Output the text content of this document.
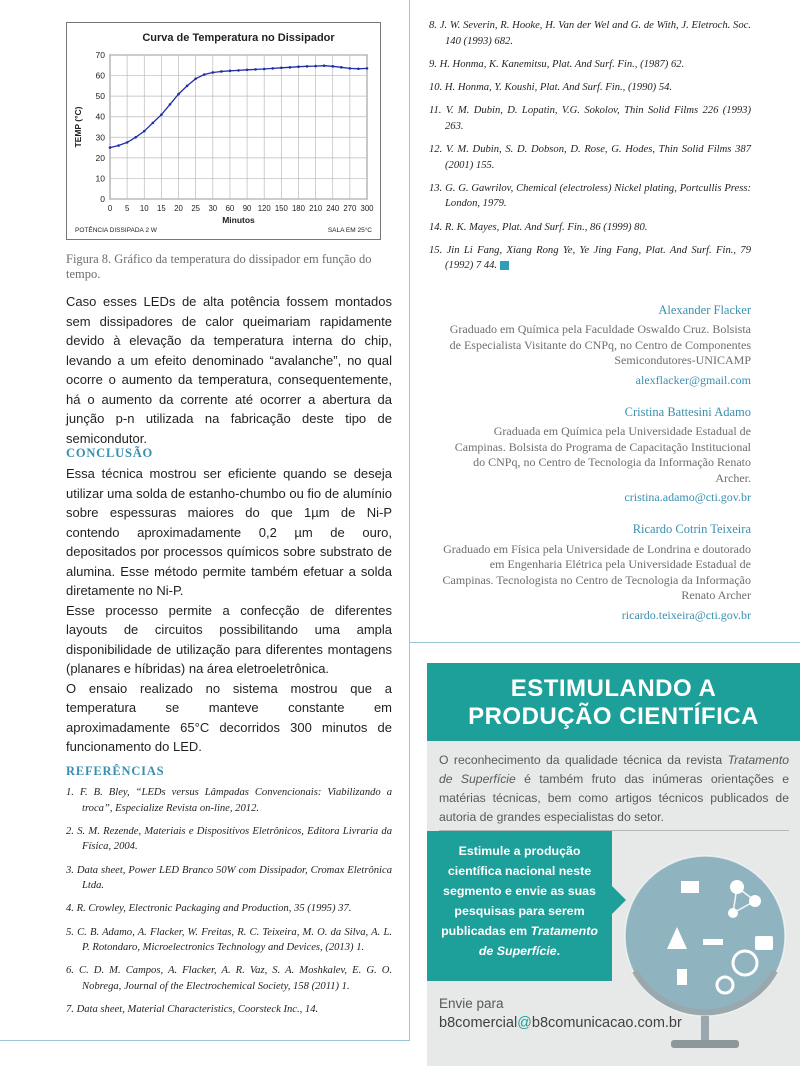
0
10
20
30
40
50
60
70
0 5 10 15 20 25 30 60 90 120 150 180 210 240 270 300
Curva de Temperatura no Dissipador
Minutos
TEMP (°C)
POTÊNCIA DISSIPADA 2 W	SALA EM 25°C
Figura 8. Gráfico da temperatura do dissipador em função do tempo.

Caso esses LEDs de alta potência fossem montados sem dissipadores de calor queimariam rapidamente devido à elevação da temperatura interna do chip, levando a um efeito denominado “avalanche”, no qual ocorre o aumento da temperatura, consequentemente, há o aumento da corrente até ocorrer a abertura da junção p-n utilizada na fabricação deste tipo de semicondutor.

CONCLUSÃO

Essa técnica mostrou ser eficiente quando se deseja utilizar uma solda de estanho-chumbo ou fio de alumínio sobre espessuras maiores do que 1µm de Ni-P contendo aproximadamente 0,2 µm de ouro, depositados por processos químicos sobre substrato de alumina. Esse método permite também efetuar a solda diretamente no Ni-P.

Esse processo permite a confecção de diferentes layouts de circuitos possibilitando uma ampla disponibilidade de utilização para diferentes montagens (planares e híbridas) na área eletroeletrônica.

O ensaio realizado no sistema mostrou que a temperatura se manteve constante em aproximadamente 65°C decorridos 300 minutos de funcionamento do LED.

REFERÊNCIAS
1. F. B. Bley, “LEDs versus Lâmpadas Convencionais: Viabilizando a troca”, Especialize Revista on-line, 2012.
2. S. M. Rezende, Materiais e Dispositivos Eletrônicos, Editora Livraria da Física, 2004.
3. Data sheet, Power LED Branco 50W com Dissipador, Cromax Eletrônica Ltda.
4. R. Crowley, Electronic Packaging and Production, 35 (1995) 37.
5. C. B. Adamo, A. Flacker, W. Freitas, R. C. Teixeira, M. O. da Silva, A. L. P. Rotondaro, Microelectronics Technology and Devices, (2013) 1.
6. C. D. M. Campos, A. Flacker, A. R. Vaz, S. A. Moshkalev, E. G. O. Nobrega, Journal of the Electrochemical Society, 158 (2011) 1.
7. Data sheet, Material Characteristics, Coorsteck Inc., 14.
8. J. W. Severin, R. Hooke, H. Van der Wel and G. de With, J. Eletroch. Soc. 140 (1993) 682.
9. H. Honma, K. Kanemitsu, Plat. And Surf. Fin., (1987) 62.
10. H. Honma, Y. Koushi, Plat. And Surf. Fin., (1990) 54.
11. V. M. Dubin, D. Lopatin, V.G. Sokolov, Thin Solid Films 226 (1993) 263.
12. V. M. Dubin, S. D. Dobson, D. Rose, G. Hodes, Thin Solid Films 387 (2001) 155.
13. G. G. Gawrilov, Chemical (electroless) Nickel plating, Portcullis Press: London, 1979.
14. R. K. Mayes, Plat. And Surf. Fin., 86 (1999) 80.
15. Jin Li Fang, Xiang Rong Ye, Ye Jing Fang, Plat. And Surf. Fin., 79 (1992) 7 44.
Alexander Flacker
Graduado em Química pela Faculdade Oswaldo Cruz. Bolsista de Especialista Visitante do CNPq, no Centro de Componentes Semicondutores-UNICAMP
alexflacker@gmail.com
Cristina Battesini Adamo
Graduada em Química pela Universidade Estadual de Campinas. Bolsista do Programa de Capacitação Institucional do CNPq, no Centro de Tecnologia da Informação Renato Archer.
cristina.adamo@cti.gov.br
Ricardo Cotrin Teixeira
Graduado em Física pela Universidade de Londrina e doutorado em Engenharia Elétrica pela Universidade Estadual de Campinas. Tecnologista no Centro de Tecnologia da Informação Renato Archer
ricardo.teixeira@cti.gov.br
ESTIMULANDO A
PRODUÇÃO CIENTÍFICA
O reconhecimento da qualidade técnica da revista Tratamento de Superfície é também fruto das inúmeras orientações e matérias técnicas, bem como artigos técnicos publicados de autoria de grandes especialistas do setor.
Estimule a produção científica nacional neste segmento e envie as suas pesquisas para serem publicadas em Tratamento de Superfície.
Envie para
b8comercial@b8comunicacao.com.br
